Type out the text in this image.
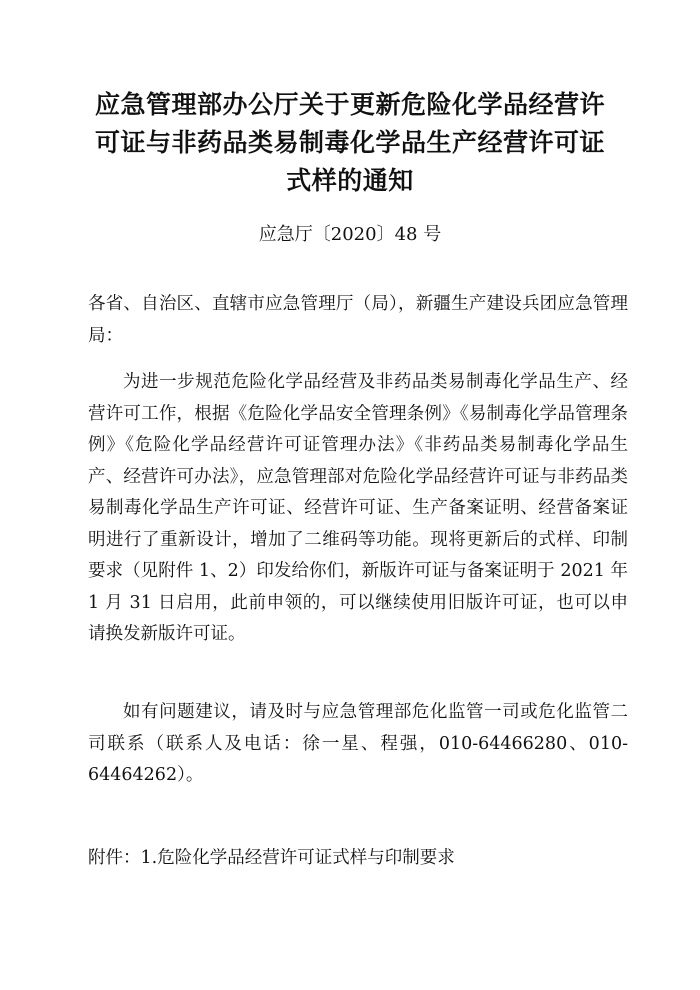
应急管理部办公厅关于更新危险化学品经营许
可证与非药品类易制毒化学品生产经营许可证
式样的通知
应急厅〔2020〕48 号

各省、自治区、直辖市应急管理厅（局），新疆生产建设兵团应急管理局：

为进一步规范危险化学品经营及非药品类易制毒化学品生产、经营许可工作，根据《危险化学品安全管理条例》《易制毒化学品管理条例》《危险化学品经营许可证管理办法》《非药品类易制毒化学品生产、经营许可办法》，应急管理部对危险化学品经营许可证与非药品类易制毒化学品生产许可证、经营许可证、生产备案证明、经营备案证明进行了重新设计，增加了二维码等功能。现将更新后的式样、印制要求（见附件 1、2）印发给你们，新版许可证与备案证明于 2021 年 1 月 31 日启用，此前申领的，可以继续使用旧版许可证，也可以申请换发新版许可证。

如有问题建议，请及时与应急管理部危化监管一司或危化监管二司联系（联系人及电话：徐一星、程强，010-64466280、010-64464262）。

附件：1.危险化学品经营许可证式样与印制要求
